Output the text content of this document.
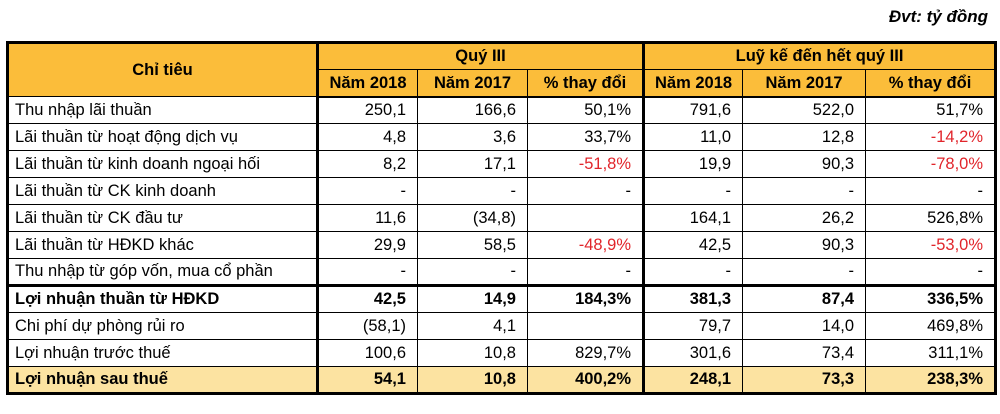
Đvt: tỷ đồng
Chỉ tiêu	Quý III			Luỹ kế đến hết quý III		
	Năm 2018	Năm 2017	% thay đổi	Năm 2018	Năm 2017	% thay đổi
Thu nhập lãi thuần	250,1	166,6	50,1%	791,6	522,0	51,7%
Lãi thuần từ hoạt động dịch vụ	4,8	3,6	33,7%	11,0	12,8	-14,2%
Lãi thuần từ kinh doanh ngoại hối	8,2	17,1	-51,8%	19,9	90,3	-78,0%
Lãi thuần từ CK kinh doanh	-	-	-	-	-	-
Lãi thuần từ CK đầu tư	11,6	(34,8)		164,1	26,2	526,8%
Lãi thuần từ HĐKD khác	29,9	58,5	-48,9%	42,5	90,3	-53,0%
Thu nhập từ góp vốn, mua cổ phần	-	-	-	-	-	-
Lợi nhuận thuần từ HĐKD	42,5	14,9	184,3%	381,3	87,4	336,5%
Chi phí dự phòng rủi ro	(58,1)	4,1		79,7	14,0	469,8%
Lợi nhuận trước thuế	100,6	10,8	829,7%	301,6	73,4	311,1%
Lợi nhuận sau thuế	54,1	10,8	400,2%	248,1	73,3	238,3%
